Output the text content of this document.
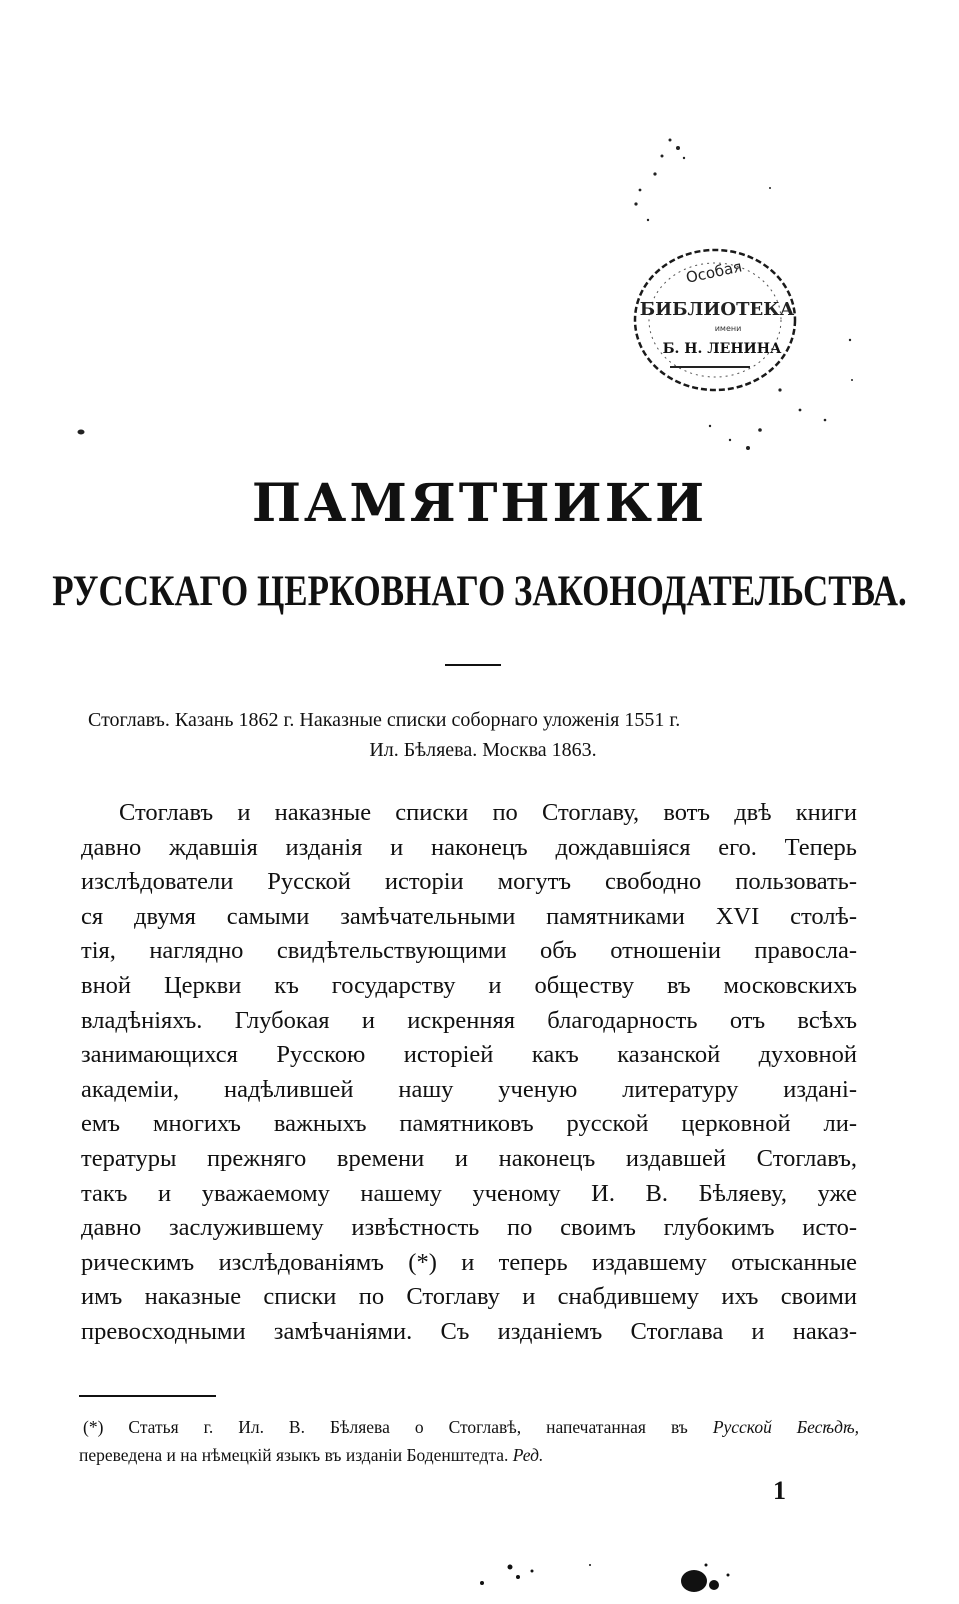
Особая
БИБЛИОТЕКА
имени
Б. Н. ЛЕНИНА
ПАМЯТНИКИ
РУССКАГО ЦЕРКОВНАГО ЗАКОНОДАТЕЛЬСТВА.
Стоглавъ. Казань 1862 г. Наказные списки соборнаго уложенія 1551 г.
Ил. Бѣляева. Москва 1863.
Стоглавъ и наказные списки по Стоглаву, вотъ двѣ книги
давно ждавшія изданія и наконецъ дождавшіяся его. Теперь
изслѣдователи Русской исторіи могутъ свободно пользовать-
ся двумя самыми замѣчательными памятниками XVI столѣ-
тія, наглядно свидѣтельствующими объ отношеніи правосла-
вной Церкви къ государству и обществу въ московскихъ
владѣніяхъ. Глубокая и искренняя благодарность отъ всѣхъ
занимающихся Русскою исторіей какъ казанской духовной
академіи, надѣлившей нашу ученую литературу изданi-
емъ многихъ важныхъ памятниковъ русской церковной ли-
тературы прежняго времени и наконецъ издавшей Стоглавъ,
такъ и уважаемому нашему ученому И. В. Бѣляеву, уже
давно заслужившему извѣстность по своимъ глубокимъ исто-
рическимъ изслѣдованіямъ (*) и теперь издавшему отысканные
имъ наказные списки по Стоглаву и снабдившему ихъ своими
превосходными замѣчаніями. Съ изданіемъ Стоглава и наказ-
(*) Статья г. Ил. В. Бѣляева о Стоглавѣ, напечатанная въ Русской Бесѣдѣ,
переведена и на нѣмецкій языкъ въ изданіи Боденштедта. Ред.
1
